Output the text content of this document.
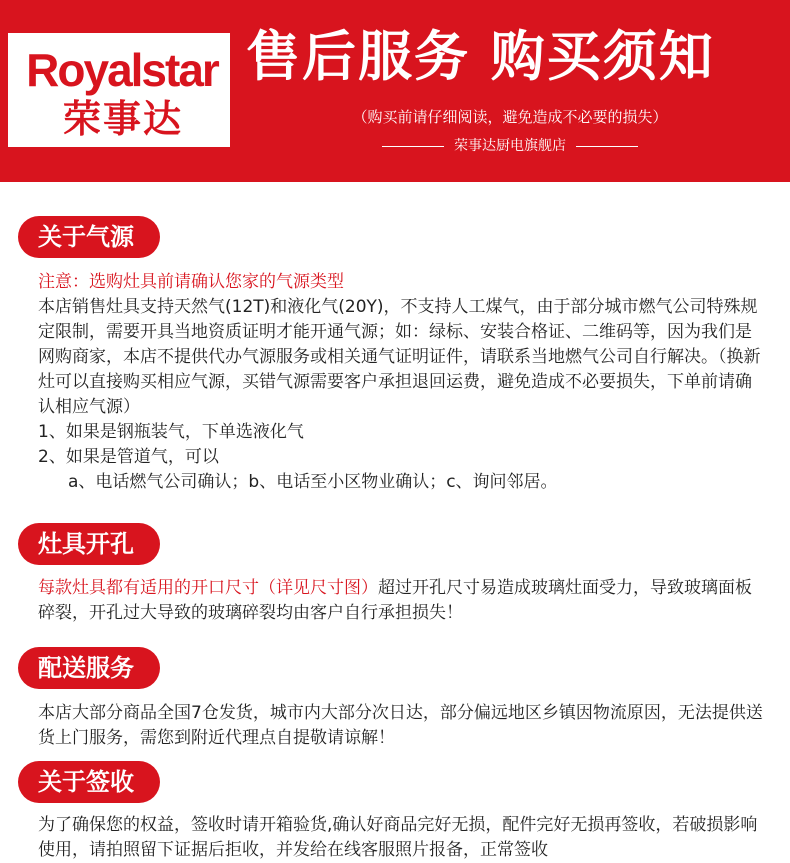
Royalstar
荣事达
售后服务 购买须知
（购买前请仔细阅读，避免造成不必要的损失）
荣事达厨电旗舰店
关于气源

注意：选购灶具前请确认您家的气源类型

本店销售灶具支持天然气(12T)和液化气(20Y)，不支持人工煤气，由于部分城市燃气公司特殊规定限制，需要开具当地资质证明才能开通气源；如：绿标、安装合格证、二维码等，因为我们是网购商家，本店不提供代办气源服务或相关通气证明证件，请联系当地燃气公司自行解决。（换新灶可以直接购买相应气源，买错气源需要客户承担退回运费，避免造成不必要损失，下单前请确认相应气源）

1、如果是钢瓶装气，下单选液化气

2、如果是管道气，可以

a、电话燃气公司确认；b、电话至小区物业确认；c、询问邻居。

灶具开孔

每款灶具都有适用的开口尺寸（详见尺寸图）超过开孔尺寸易造成玻璃灶面受力，导致玻璃面板碎裂，开孔过大导致的玻璃碎裂均由客户自行承担损失！

配送服务

本店大部分商品全国7仓发货，城市内大部分次日达，部分偏远地区乡镇因物流原因，无法提供送货上门服务，需您到附近代理点自提敬请谅解！

关于签收

为了确保您的权益，签收时请开箱验货,确认好商品完好无损，配件完好无损再签收，若破损影响使用，请拍照留下证据后拒收，并发给在线客服照片报备，正常签收
